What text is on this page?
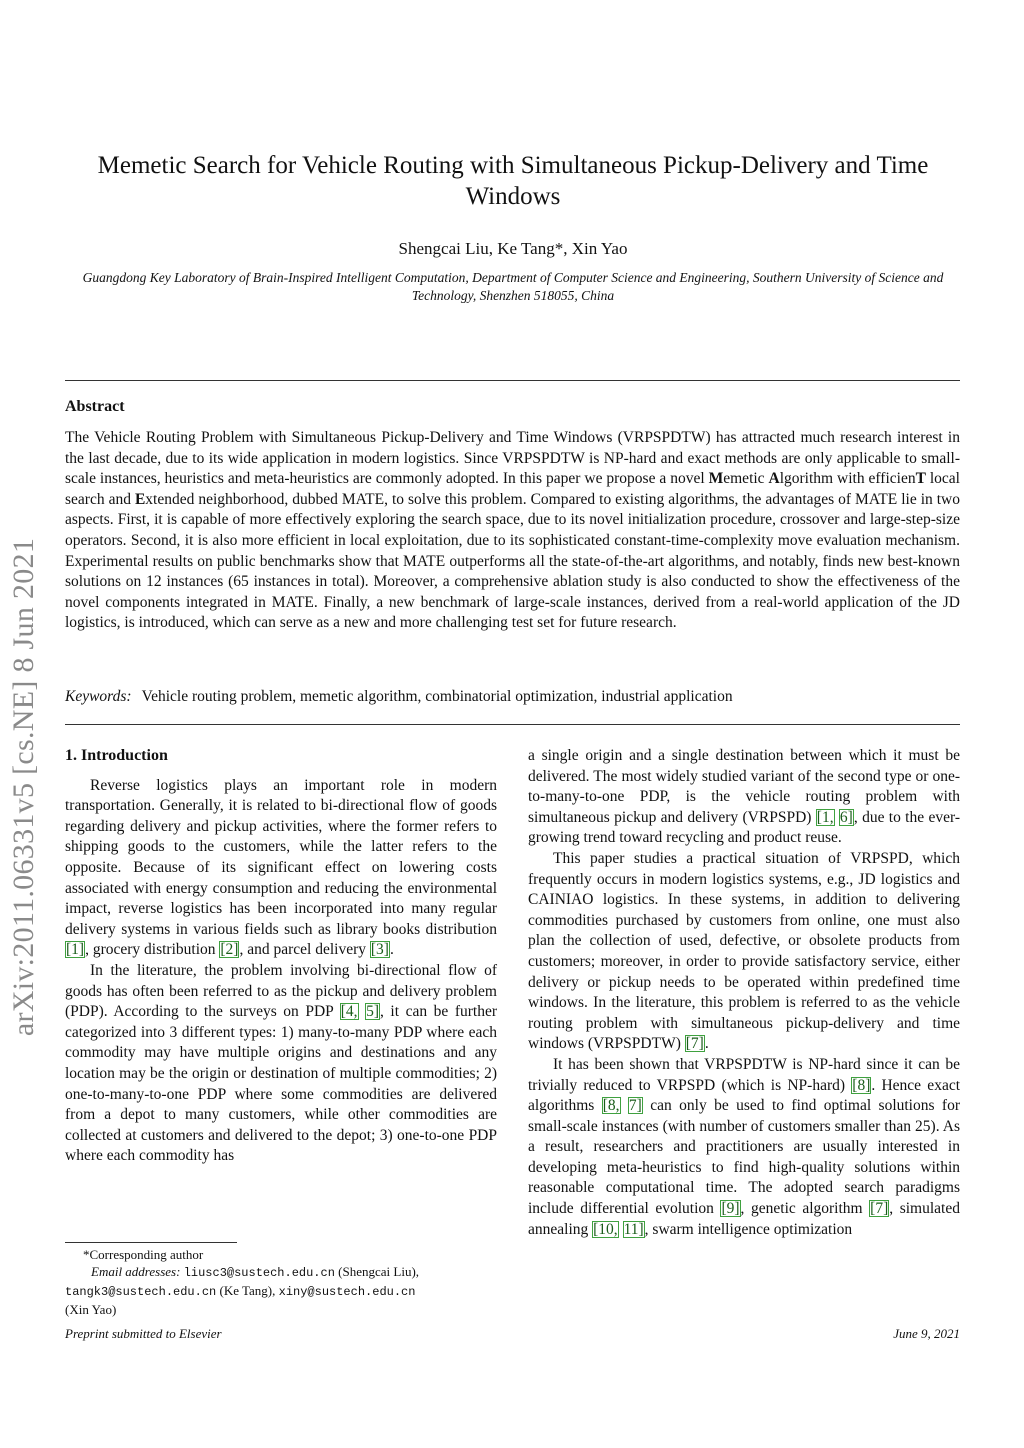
arXiv:2011.06331v5 [cs.NE] 8 Jun 2021
Memetic Search for Vehicle Routing with Simultaneous Pickup-Delivery and Time Windows
Shengcai Liu, Ke Tang*, Xin Yao
Guangdong Key Laboratory of Brain-Inspired Intelligent Computation, Department of Computer Science and Engineering, Southern University of Science and Technology, Shenzhen 518055, China
Abstract
The Vehicle Routing Problem with Simultaneous Pickup-Delivery and Time Windows (VRPSPDTW) has attracted much research interest in the last decade, due to its wide application in modern logistics. Since VRPSPDTW is NP-hard and exact methods are only applicable to small-scale instances, heuristics and meta-heuristics are commonly adopted. In this paper we propose a novel Memetic Algorithm with efficienT local search and Extended neighborhood, dubbed MATE, to solve this problem. Compared to existing algorithms, the advantages of MATE lie in two aspects. First, it is capable of more effectively exploring the search space, due to its novel initialization procedure, crossover and large-step-size operators. Second, it is also more efficient in local exploitation, due to its sophisticated constant-time-complexity move evaluation mechanism. Experimental results on public benchmarks show that MATE outperforms all the state-of-the-art algorithms, and notably, finds new best-known solutions on 12 instances (65 instances in total). Moreover, a comprehensive ablation study is also conducted to show the effectiveness of the novel components integrated in MATE. Finally, a new benchmark of large-scale instances, derived from a real-world application of the JD logistics, is introduced, which can serve as a new and more challenging test set for future research.
Keywords: Vehicle routing problem, memetic algorithm, combinatorial optimization, industrial application
1. Introduction

Reverse logistics plays an important role in modern transportation. Generally, it is related to bi-directional flow of goods regarding delivery and pickup activities, where the former refers to shipping goods to the customers, while the latter refers to the opposite. Because of its significant effect on lowering costs associated with energy consumption and reducing the environmental impact, reverse logistics has been incorporated into many regular delivery systems in various fields such as library books distribution [1], grocery distribution [2], and parcel delivery [3].

In the literature, the problem involving bi-directional flow of goods has often been referred to as the pickup and delivery problem (PDP). According to the surveys on PDP [4, 5], it can be further categorized into 3 different types: 1) many-to-many PDP where each commodity may have multiple origins and destinations and any location may be the origin or destination of multiple commodities; 2) one-to-many-to-one PDP where some commodities are delivered from a depot to many customers, while other commodities are collected at customers and delivered to the depot; 3) one-to-one PDP where each commodity has

a single origin and a single destination between which it must be delivered. The most widely studied variant of the second type or one-to-many-to-one PDP, is the vehicle routing problem with simultaneous pickup and delivery (VRPSPD) [1, 6], due to the ever-growing trend toward recycling and product reuse.

This paper studies a practical situation of VRPSPD, which frequently occurs in modern logistics systems, e.g., JD logistics and CAINIAO logistics. In these systems, in addition to delivering commodities purchased by customers from online, one must also plan the collection of used, defective, or obsolete products from customers; moreover, in order to provide satisfactory service, either delivery or pickup needs to be operated within predefined time windows. In the literature, this problem is referred to as the vehicle routing problem with simultaneous pickup-delivery and time windows (VRPSPDTW) [7].

It has been shown that VRPSPDTW is NP-hard since it can be trivially reduced to VRPSPD (which is NP-hard) [8]. Hence exact algorithms [8, 7] can only be used to find optimal solutions for small-scale instances (with number of customers smaller than 25). As a result, researchers and practitioners are usually interested in developing meta-heuristics to find high-quality solutions within reasonable computational time. The adopted search paradigms include differential evolution [9], genetic algorithm [7], simulated annealing [10, 11], swarm intelligence optimization

*Corresponding author
Email addresses: liusc3@sustech.edu.cn (Shengcai Liu),
tangk3@sustech.edu.cn (Ke Tang), xiny@sustech.edu.cn
(Xin Yao)
Preprint submitted to Elsevier	June 9, 2021
